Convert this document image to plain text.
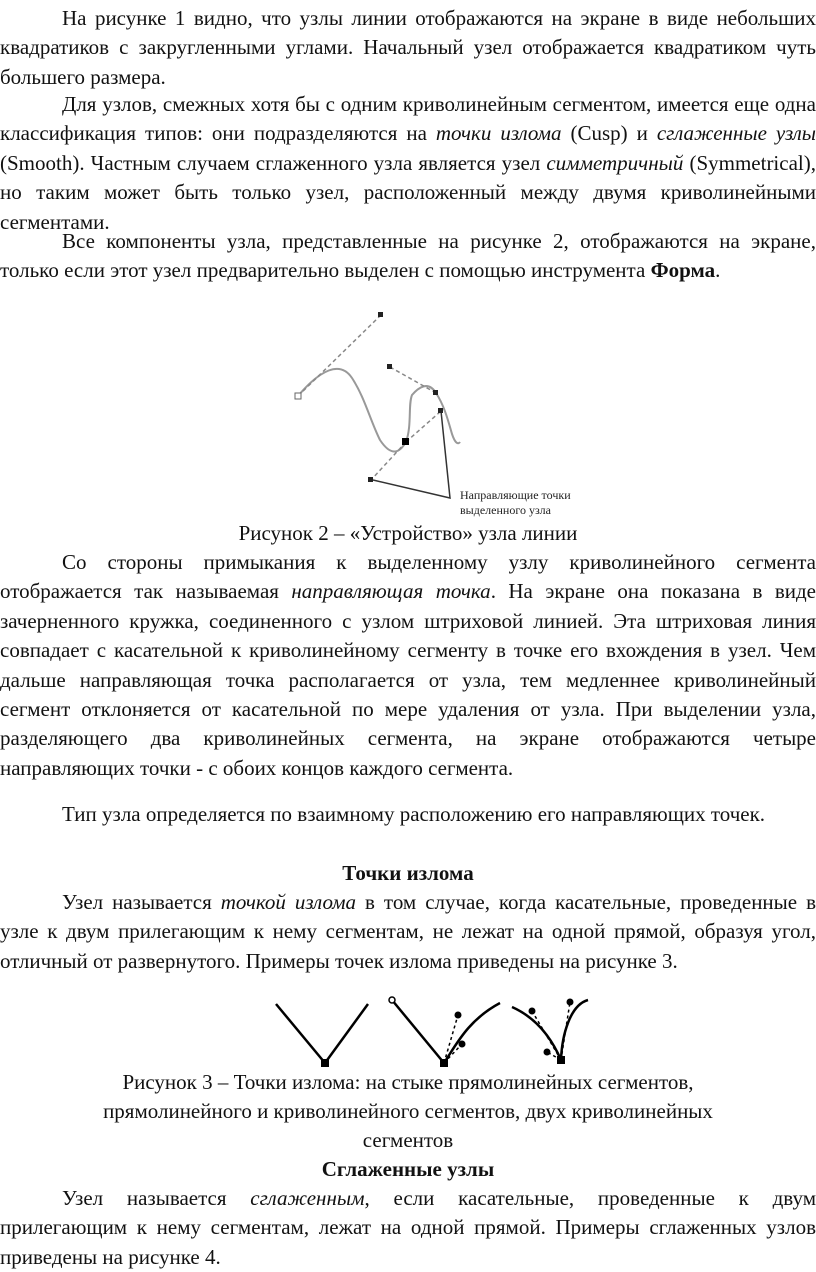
На рисунке 1 видно, что узлы линии отображаются на экране в виде небольших квадратиков с закругленными углами. Начальный узел отображается квадратиком чуть большего размера.

Для узлов, смежных хотя бы с одним криволинейным сегментом, имеется еще одна классификация типов: они подразделяются на точки излома (Cusp) и сглаженные узлы (Smooth). Частным случаем сглаженного узла является узел симметричный (Symmetrical), но таким может быть только узел, расположенный между двумя криволинейными сегментами.

Все компоненты узла, представленные на рисунке 2, отображаются на экране, только если этот узел предварительно выделен с помощью инструмента Форма.

Направляющие точки
выделенного узла
Рисунок 2 – «Устройство» узла линии

Со стороны примыкания к выделенному узлу криволинейного сегмента отображается так называемая направляющая точка. На экране она показана в виде зачерненного кружка, соединенного с узлом штриховой линией. Эта штриховая линия совпадает с касательной к криволинейному сегменту в точке его вхождения в узел. Чем дальше направляющая точка располагается от узла, тем медленнее криволинейный сегмент отклоняется от касательной по мере удаления от узла. При выделении узла, разделяющего два криволинейных сегмента, на экране отображаются четыре направляющих точки - с обоих концов каждого сегмента.

Тип узла определяется по взаимному расположению его направляющих точек.

Точки излома

Узел называется точкой излома в том случае, когда касательные, проведенные в узле к двум прилегающим к нему сегментам, не лежат на одной прямой, образуя угол, отличный от развернутого. Примеры точек излома приведены на рисунке 3.

Рисунок 3 – Точки излома: на стыке прямолинейных сегментов,
прямолинейного и криволинейного сегментов, двух криволинейных
сегментов
Сглаженные узлы

Узел называется сглаженным, если касательные, проведенные к двум прилегающим к нему сегментам, лежат на одной прямой. Примеры сглаженных узлов приведены на рисунке 4.
